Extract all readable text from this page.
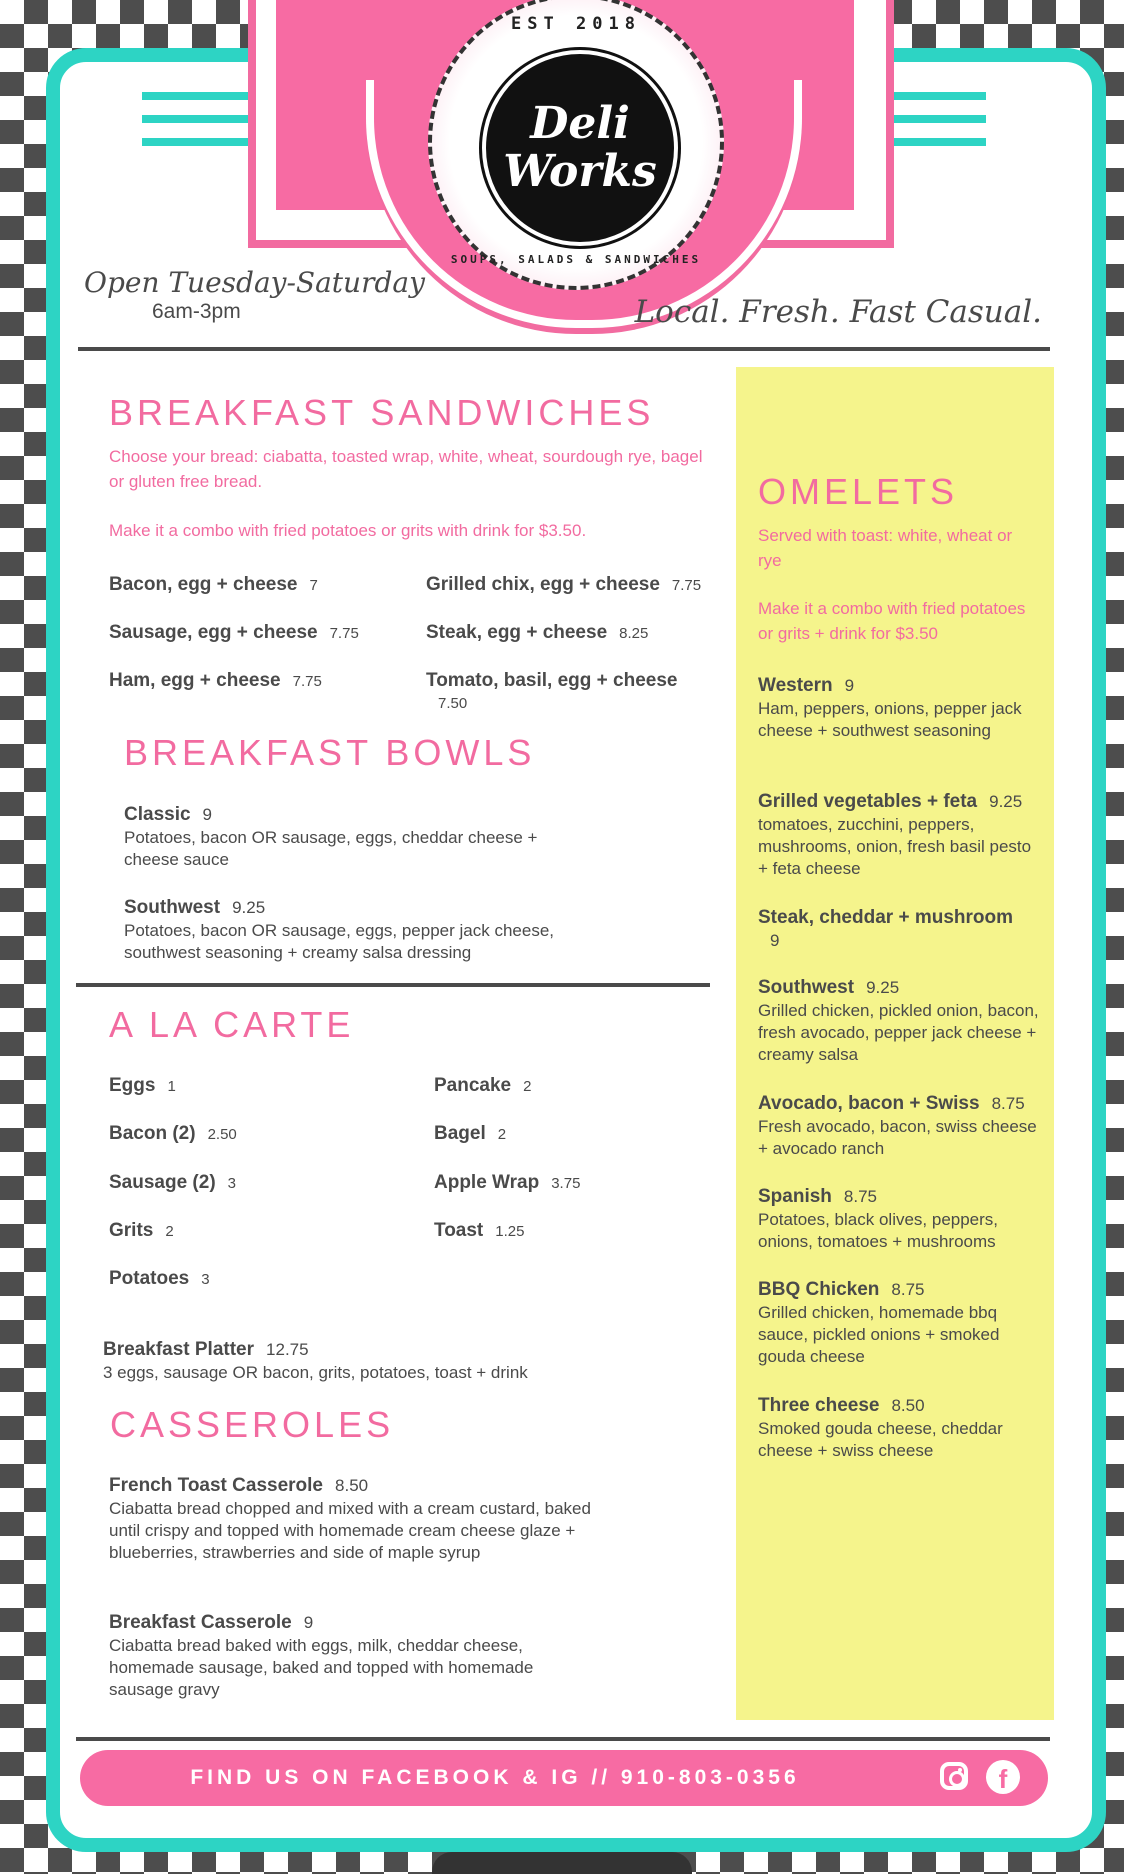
EST 2018
Deli
Works
SOUPS, SALADS & SANDWICHES
Open Tuesday-Saturday
6am-3pm	Local. Fresh. Fast Casual.
BREAKFAST SANDWICHES
Choose your bread: ciabatta, toasted wrap, white, wheat, sourdough rye, bagel or gluten free bread.
Make it a combo with fried potatoes or grits with drink for $3.50.
Bacon, egg + cheese 7	Grilled chix, egg + cheese 7.75
Sausage, egg + cheese 7.75	Steak, egg + cheese 8.25
Ham, egg + cheese 7.75	Tomato, basil, egg + cheese
7.50
BREAKFAST BOWLS
Classic 9
Potatoes, bacon OR sausage, eggs, cheddar cheese + cheese sauce
Southwest 9.25
Potatoes, bacon OR sausage, eggs, pepper jack cheese, southwest seasoning + creamy salsa dressing
A LA CARTE
Eggs 1	Pancake 2
Bacon (2) 2.50	Bagel 2
Sausage (2) 3	Apple Wrap 3.75
Grits 2	Toast 1.25
Potatoes 3
Breakfast Platter 12.75
3 eggs, sausage OR bacon, grits, potatoes, toast + drink
CASSEROLES
French Toast Casserole 8.50
Ciabatta bread chopped and mixed with a cream custard, baked until crispy and topped with homemade cream cheese glaze + blueberries, strawberries and side of maple syrup
Breakfast Casserole 9
Ciabatta bread baked with eggs, milk, cheddar cheese, homemade sausage, baked and topped with homemade sausage gravy
OMELETS
Served with toast: white, wheat or rye
Make it a combo with fried potatoes or grits + drink for $3.50
Western 9
Ham, peppers, onions, pepper jack cheese + southwest seasoning
Grilled vegetables + feta 9.25
tomatoes, zucchini, peppers, mushrooms, onion, fresh basil pesto + feta cheese
Steak, cheddar + mushroom
9
Southwest 9.25
Grilled chicken, pickled onion, bacon, fresh avocado, pepper jack cheese + creamy salsa
Avocado, bacon + Swiss 8.75
Fresh avocado, bacon, swiss cheese + avocado ranch
Spanish 8.75
Potatoes, black olives, peppers, onions, tomatoes + mushrooms
BBQ Chicken 8.75
Grilled chicken, homemade bbq sauce, pickled onions + smoked gouda cheese
Three cheese 8.50
Smoked gouda cheese, cheddar cheese + swiss cheese
FIND US ON FACEBOOK & IG // 910-803-0356	f
